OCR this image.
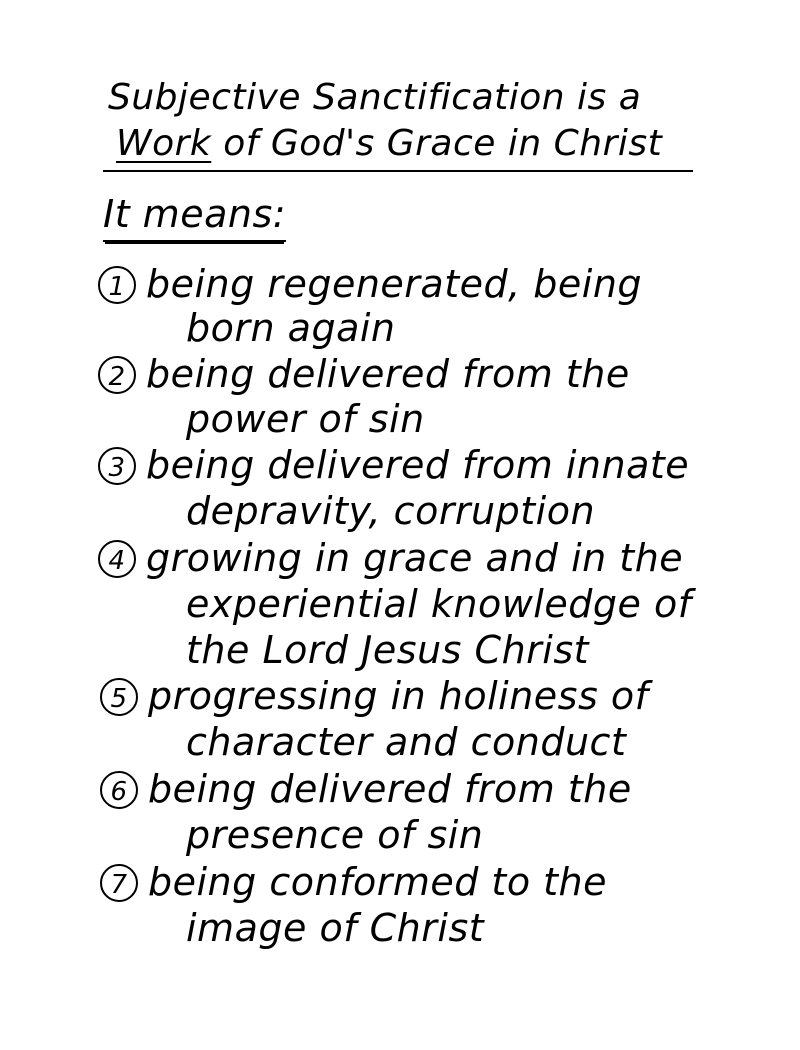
Subjective Sanctification is a
Work of God's Grace in Christ
It means:
1 being regenerated, being
born again
2 being delivered from the
power of sin
3 being delivered from innate
depravity, corruption
4 growing in grace and in the
experiential knowledge of
the Lord Jesus Christ
5 progressing in holiness of
character and conduct
6 being delivered from the
presence of sin
7 being conformed to the
image of Christ
